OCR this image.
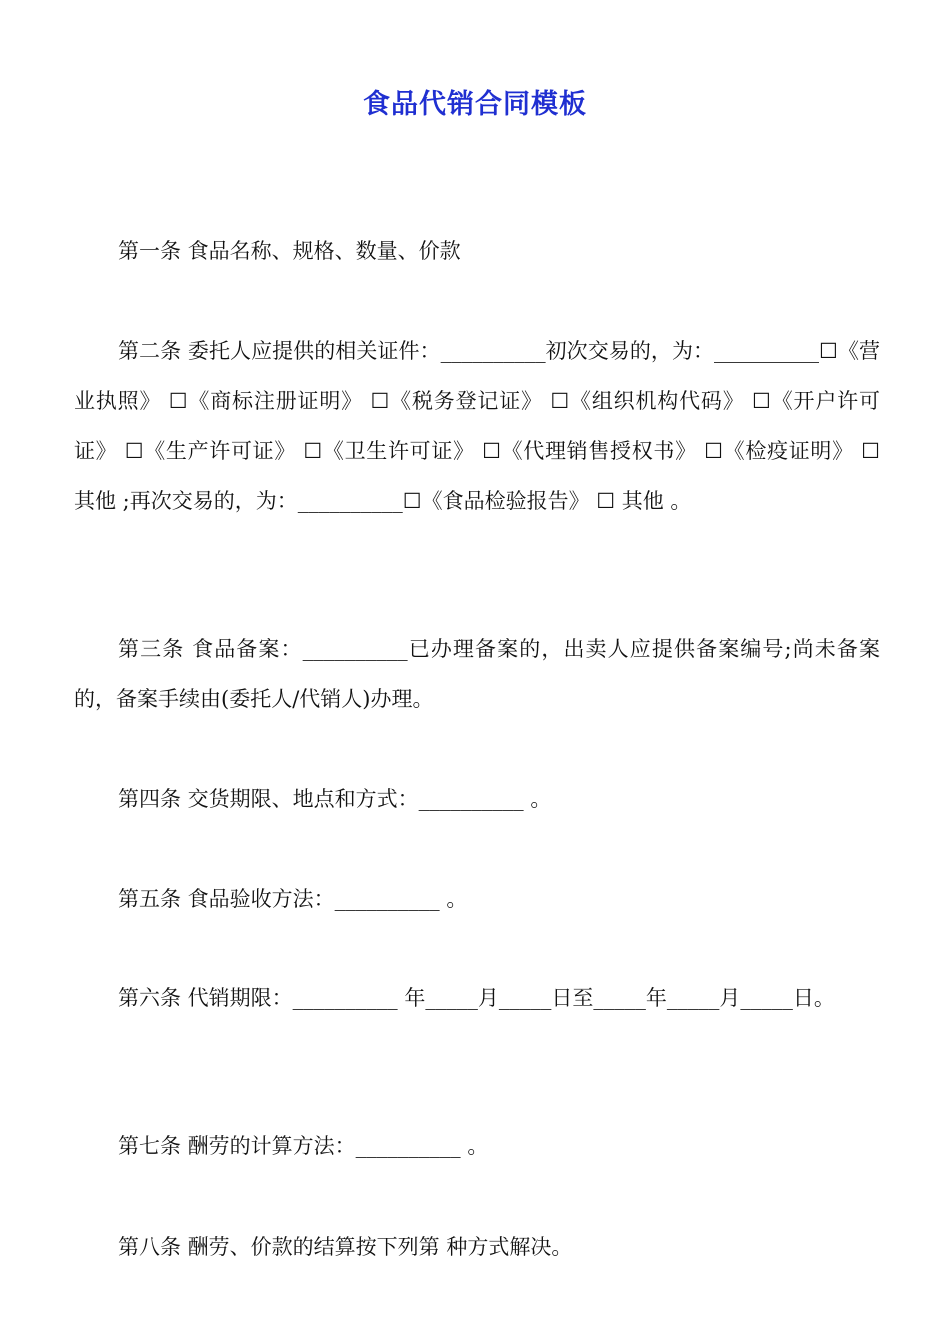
食品代销合同模板
第一条 食品名称、规格、数量、价款
第二条 委托人应提供的相关证件：__________初次交易的，为：__________☐《营业执照》 ☐《商标注册证明》 ☐《税务登记证》 ☐《组织机构代码》 ☐《开户许可证》 ☐《生产许可证》 ☐《卫生许可证》 ☐《代理销售授权书》 ☐《检疫证明》 ☐ 其他 ;再次交易的，为：__________☐《食品检验报告》 ☐ 其他 。
第三条 食品备案：__________已办理备案的，出卖人应提供备案编号;尚未备案的，备案手续由(委托人/代销人)办理。
第四条 交货期限、地点和方式：__________ 。
第五条 食品验收方法：__________ 。
第六条 代销期限：__________ 年_____月_____日至_____年_____月_____日。
第七条 酬劳的计算方法：__________ 。
第八条 酬劳、价款的结算按下列第 种方式解决。
